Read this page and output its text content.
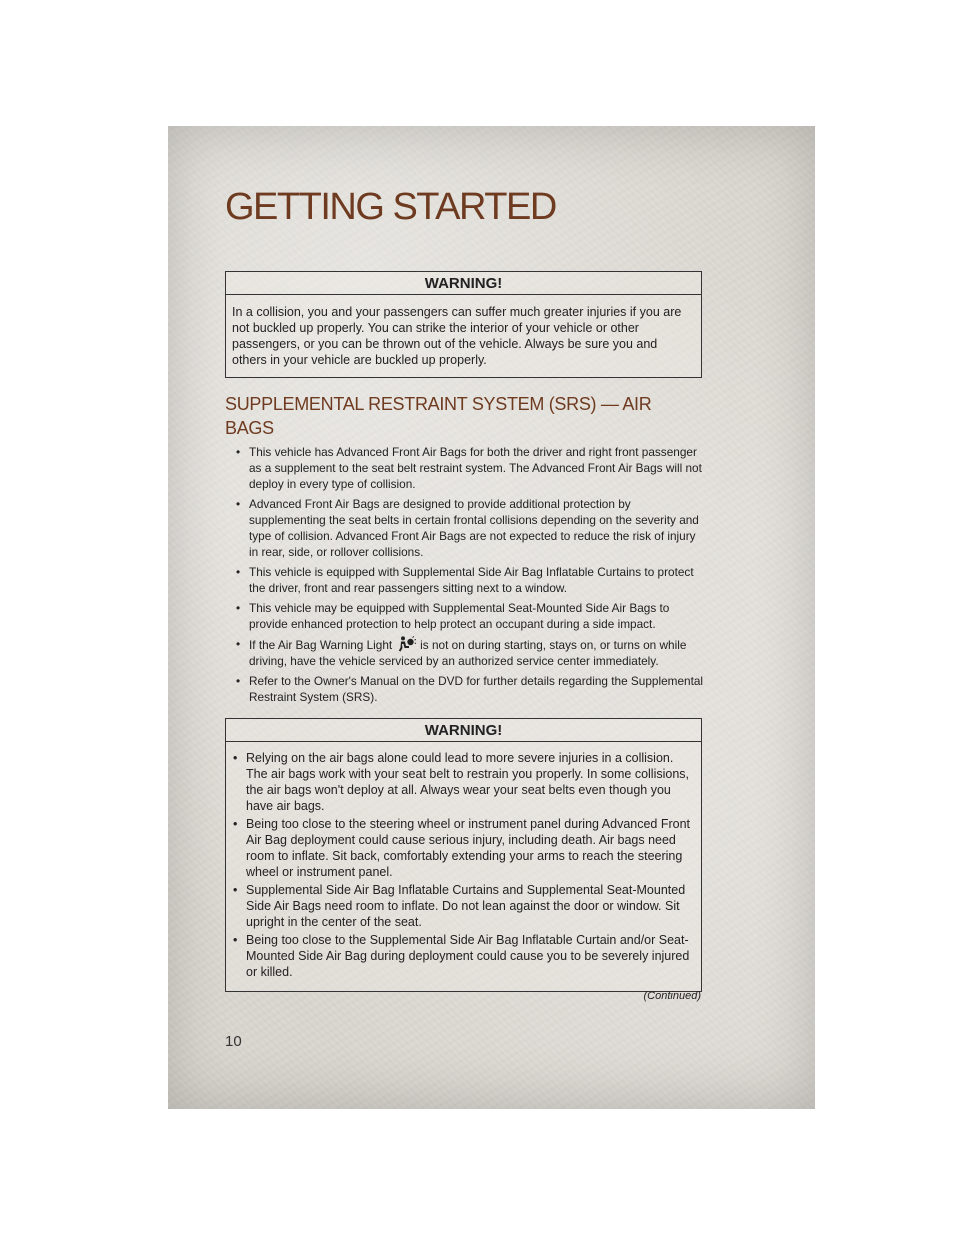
GETTING STARTED
WARNING!

In a collision, you and your passengers can suffer much greater injuries if you are not buckled up properly. You can strike the interior of your vehicle or other passengers, or you can be thrown out of the vehicle. Always be sure you and others in your vehicle are buckled up properly.

SUPPLEMENTAL RESTRAINT SYSTEM (SRS) — AIR BAGS
• This vehicle has Advanced Front Air Bags for both the driver and right front passenger as a supplement to the seat belt restraint system. The Advanced Front Air Bags will not deploy in every type of collision.
• Advanced Front Air Bags are designed to provide additional protection by supplementing the seat belts in certain frontal collisions depending on the severity and type of collision. Advanced Front Air Bags are not expected to reduce the risk of injury in rear, side, or rollover collisions.
• This vehicle is equipped with Supplemental Side Air Bag Inflatable Curtains to protect the driver, front and rear passengers sitting next to a window.
• This vehicle may be equipped with Supplemental Seat-Mounted Side Air Bags to provide enhanced protection to help protect an occupant during a side impact.
• If the Air Bag Warning Light is not on during starting, stays on, or turns on while driving, have the vehicle serviced by an authorized service center immediately.
• Refer to the Owner's Manual on the DVD for further details regarding the Supplemental Restraint System (SRS).
WARNING!
• Relying on the air bags alone could lead to more severe injuries in a collision. The air bags work with your seat belt to restrain you properly. In some collisions, the air bags won't deploy at all. Always wear your seat belts even though you have air bags.
• Being too close to the steering wheel or instrument panel during Advanced Front Air Bag deployment could cause serious injury, including death. Air bags need room to inflate. Sit back, comfortably extending your arms to reach the steering wheel or instrument panel.
• Supplemental Side Air Bag Inflatable Curtains and Supplemental Seat-Mounted Side Air Bags need room to inflate. Do not lean against the door or window. Sit upright in the center of the seat.
• Being too close to the Supplemental Side Air Bag Inflatable Curtain and/or Seat-Mounted Side Air Bag during deployment could cause you to be severely injured or killed.
(Continued)
10
